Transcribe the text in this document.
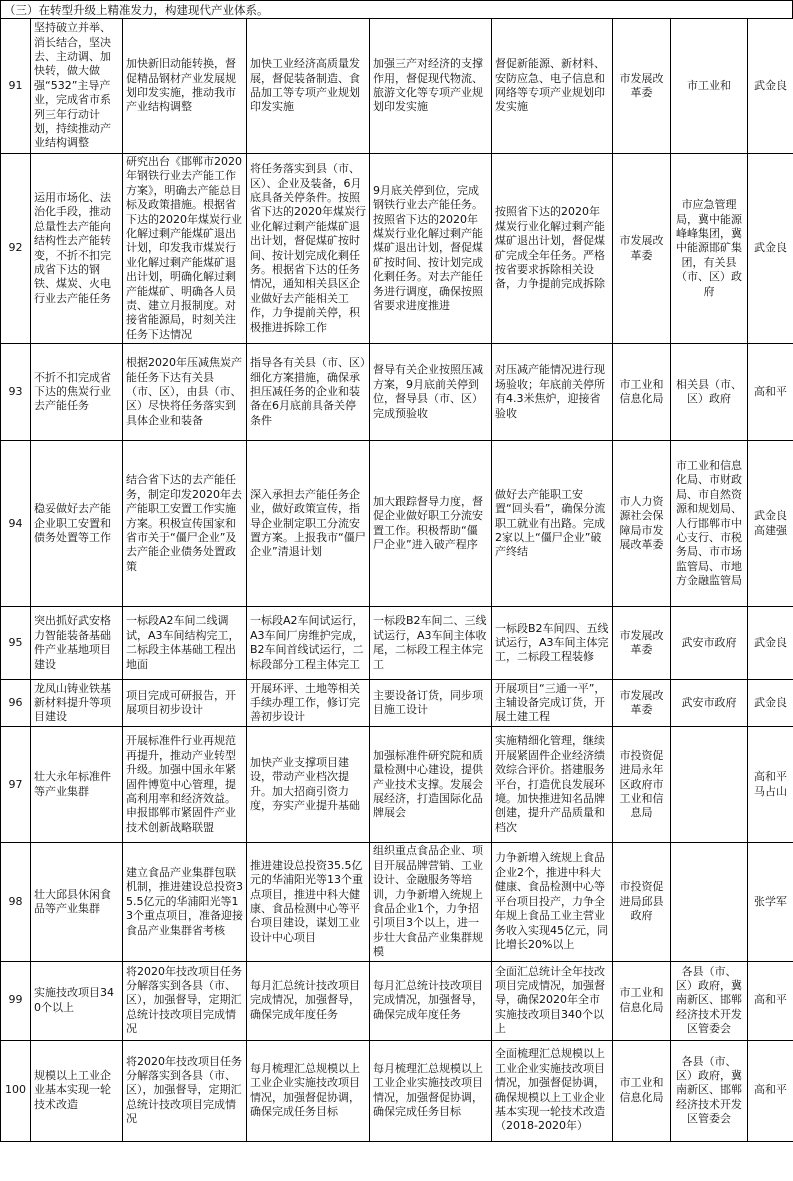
（三）在转型升级上精准发力，构建现代产业体系。
91	坚持破立并举、消长结合，坚决去、主动调、加快转，做大做强“532”主导产业，完成省市系列三年行动计划，持续推动产业结构调整	加快新旧动能转换，督促精品钢材产业发展规划印发实施，推动我市产业结构调整	加快工业经济高质量发展，督促装备制造、食品加工等专项产业规划印发实施	加强三产对经济的支撑作用，督促现代物流、旅游文化等专项产业规划印发实施	督促新能源、新材料、安防应急、电子信息和网络等专项产业规划印发实施	市发展改革委	市工业和	武金良
92	运用市场化、法治化手段，推动总量性去产能向结构性去产能转变，不折不扣完成省下达的钢铁、煤炭、火电行业去产能任务	研究出台《邯郸市2020年钢铁行业去产能工作方案》，明确去产能总目标及政策措施。根据省下达的2020年煤炭行业化解过剩产能煤矿退出计划，印发我市煤炭行业化解过剩产能煤矿退出计划，明确化解过剩产能煤矿、明确各人员责、建立月报制度。对接省能源局，时刻关注任务下达情况	将任务落实到县（市、区）、企业及装备，6月底具备关停条件。按照省下达的2020年煤炭行业化解过剩产能煤矿退出计划，督促煤矿按时间、按计划完成化剩任务。根据省下达的任务情况，通知相关县区企业做好去产能相关工作，力争提前关停，积极推进拆除工作	9月底关停到位，完成钢铁行业去产能任务。按照省下达的2020年煤炭行业化解过剩产能煤矿退出计划，督促煤矿按时间、按计划完成化剩任务。对去产能任务进行调度，确保按照省要求进度推进	按照省下达的2020年煤炭行业化解过剩产能煤矿退出计划，督促煤矿完成全年任务。严格按省要求拆除相关设备，力争提前完成拆除	市发展改革委	市应急管理局，冀中能源峰峰集团，冀中能源邯矿集团，有关县（市、区）政府	武金良
93	不折不扣完成省下达的焦炭行业去产能任务	根据2020年压减焦炭产能任务下达有关县（市、区），由县（市、区）尽快将任务落实到具体企业和装备	指导各有关县（市、区）细化方案措施，确保承担压减任务的企业和装备在6月底前具备关停条件	督导有关企业按照压减方案，9月底前关停到位，督导县（市、区）完成预验收	对压减产能情况进行现场验收；年底前关停所有4.3米焦炉，迎接省验收	市工业和信息化局	相关县（市、区）政府	高和平
94	稳妥做好去产能企业职工安置和债务处置等工作	结合省下达的去产能任务，制定印发2020年去产能职工安置工作实施方案。积极宣传国家和省市关于“僵尸企业”及去产能企业债务处置政策	深入承担去产能任务企业，做好政策宣传，指导企业制定职工分流安置方案。上报我市“僵尸企业”清退计划	加大跟踪督导力度，督促企业做好职工分流安置工作。积极帮助“僵尸企业”进入破产程序	做好去产能职工安置“回头看”，确保分流职工就业有出路。完成2家以上“僵尸企业”破产终结	市人力资源社会保障局市发展改革委	市工业和信息化局、市财政局、市自然资源和规划局、人行邯郸市中心支行、市税务局、市市场监管局、市地方金融监管局	武金良高建强
95	突出抓好武安格力智能装备基础件产业基地项目建设	一标段A2车间二线调试，A3车间结构完工，二标段主体基础工程出地面	一标段A2车间试运行，A3车间厂房维护完成，B2车间首线试运行，二标段部分工程主体完工	一标段B2车间二、三线试运行，A3车间主体收尾，二标段工程主体完工	一标段B2车间四、五线试运行，A3车间主体完工，二标段工程装修	市发展改革委	武安市政府	武金良
96	龙凤山铸业铁基新材料提升等项目建设	项目完成可研报告，开展项目初步设计	开展环评、土地等相关手续办理工作，修订完善初步设计	主要设备订货，同步项目施工设计	开展项目“三通一平”，主辅设备完成订货，开展土建工程	市发展改革委	武安市政府	武金良
97	壮大永年标准件等产业集群	开展标准件行业再规范再提升，推动产业转型升级。加强中国永年紧固件博览中心管理，提高利用率和经济效益。申报邯郸市紧固件产业技术创新战略联盟	加快产业支撑项目建设，带动产业档次提升。加大招商引资力度，夯实产业提升基础	加强标准件研究院和质量检测中心建设，提供产业技术支撑。发展会展经济，打造国际化品牌展会	实施精细化管理，继续开展紧固件企业经济绩效综合评价。搭建服务平台，打造优良发展环境。加快推进知名品牌创建，提升产品质量和档次	市投资促进局永年区政府市工业和信息局		高和平马占山
98	壮大邱县休闲食品等产业集群	建立食品产业集群包联机制，推进建设总投资35.5亿元的华浦阳光等13个重点项目，准备迎接食品产业集群省考核	推进建设总投资35.5亿元的华浦阳光等13个重点项目，推进中科大健康、食品检测中心等平台项目建设，谋划工业设计中心项目	组织重点食品企业、项目开展品牌营销、工业设计、金融服务等培训，力争新增入统规上食品企业1个，力争招引项目3个以上，进一步壮大食品产业集群规模	力争新增入统规上食品企业2个，推进中科大健康、食品检测中心等平台项目投产，力争全年规上食品工业主营业务收入实现45亿元，同比增长20%以上	市投资促进局邱县政府		张学军
99	实施技改项目340个以上	将2020年技改项目任务分解落实到各县（市、区），加强督导，定期汇总统计技改项目完成情况	每月汇总统计技改项目完成情况，加强督导，确保完成年度任务	每月汇总统计技改项目完成情况，加强督导，确保完成年度任务	全面汇总统计全年技改项目完成情况，加强督导，确保2020年全市实施技改项目340个以上	市工业和信息化局	各县（市、区）政府，冀南新区、邯郸经济技术开发区管委会	高和平
100	规模以上工业企业基本实现一轮技术改造	将2020年技改项目任务分解落实到各县（市、区），加强督导，定期汇总统计技改项目完成情况	每月梳理汇总规模以上工业企业实施技改项目情况，加强督促协调，确保完成任务目标	每月梳理汇总规模以上工业企业实施技改项目情况，加强督促协调，确保完成任务目标	全面梳理汇总规模以上工业企业实施技改项目情况，加强督促协调，确保规模以上工业企业基本实现一轮技术改造（2018-2020年）	市工业和信息化局	各县（市、区）政府，冀南新区、邯郸经济技术开发区管委会	高和平
